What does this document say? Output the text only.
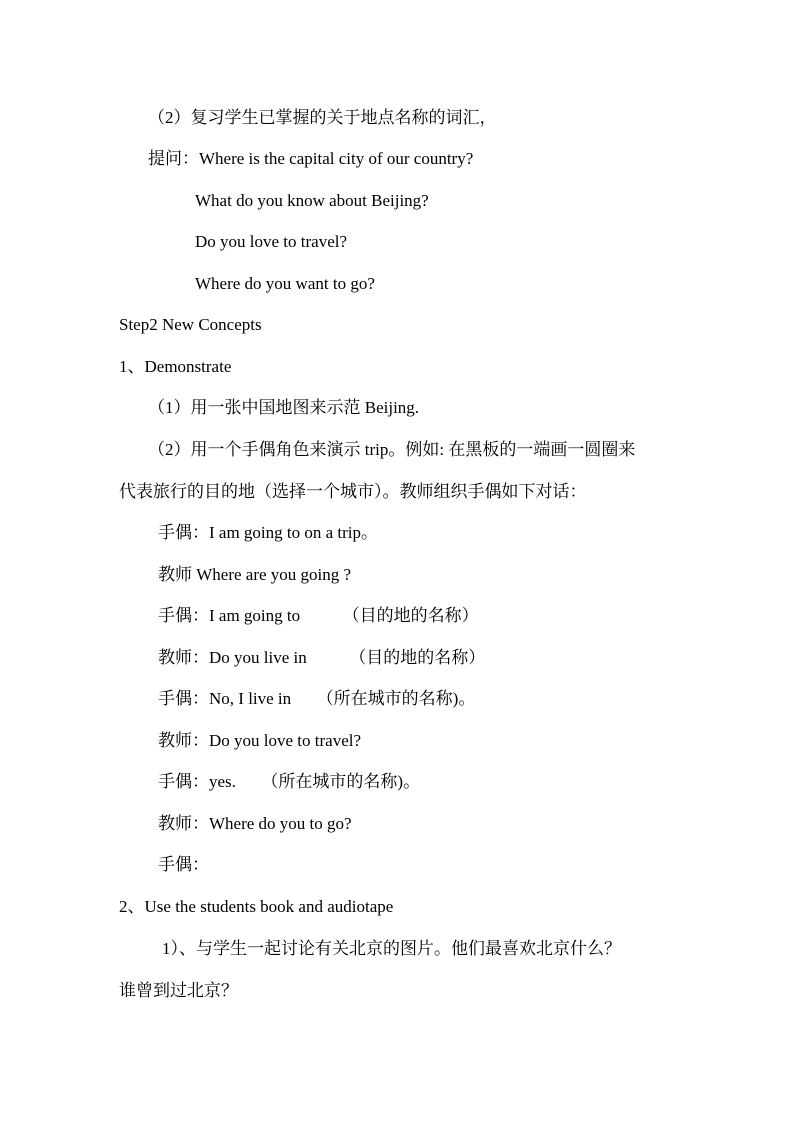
（2）复习学生已掌握的关于地点名称的词汇，

提问：Where is the capital city of our country?

What do you know about Beijing?

Do you love to travel?

Where do you want to go?

Step2 New Concepts

1、Demonstrate

（1）用一张中国地图来示范 Beijing.

（2）用一个手偶角色来演示 trip。例如: 在黑板的一端画一圆圈来

代表旅行的目的地（选择一个城市）。教师组织手偶如下对话：

手偶：I am going to on a trip。

教师 Where are you going ?

手偶：I am going to　　　（目的地的名称）

教师：Do you live in　　　（目的地的名称）

手偶：No, I live in　　（所在城市的名称)。

教师：Do you love to travel?

手偶：yes.　　（所在城市的名称)。

教师：Where do you to go?

手偶：

2、Use the students book and audiotape

1）、与学生一起讨论有关北京的图片。他们最喜欢北京什么？

谁曾到过北京？
